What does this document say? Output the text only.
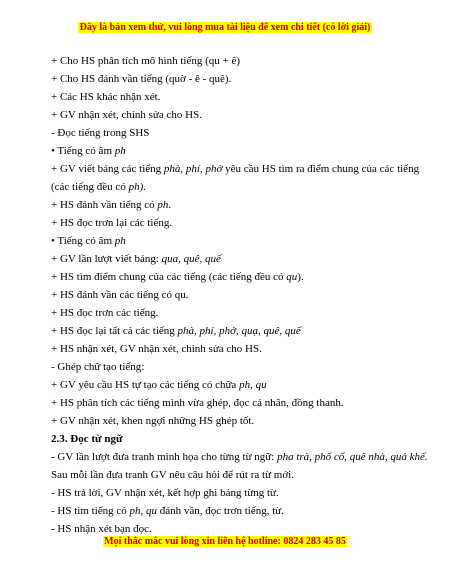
Đây là bản xem thử, vui lòng mua tài liệu để xem chi tiết (có lời giải)
+ Cho HS phân tích mô hình tiếng (qu + ê)
+ Cho HS đánh vần tiếng (quờ - ê - quê).
+ Các HS khác nhận xét.
+ GV nhận xét, chỉnh sửa cho HS.
- Đọc tiếng trong SHS
• Tiếng có âm ph
+ GV viết bảng các tiếng phà, phí, phở yêu cầu HS tìm ra điểm chung của các tiếng
(các tiếng đều có ph).
+ HS đánh vần tiếng có ph.
+ HS đọc trơn lại các tiếng.
• Tiếng có âm ph
+ GV lần lượt viết bảng: qua, quê, quế
+ HS tìm điểm chung của các tiếng (các tiếng đều có qu).
+ HS đánh vần các tiếng có qu.
+ HS đọc trơn các tiếng.
+ HS đọc lại tất cả các tiếng phà, phí, phở, quạ, quê, quế
+ HS nhận xét, GV nhận xét, chỉnh sửa cho HS.
- Ghép chữ tạo tiếng:
+ GV yêu cầu HS tự tạo các tiếng có chữa ph, qu
+ HS phân tích các tiếng mình vừa ghép, đọc cá nhân, đồng thanh.
+ GV nhận xét, khen ngợi những HS ghép tốt.
2.3. Đọc từ ngữ
- GV lần lượt đưa tranh minh họa cho từng từ ngữ: pha trà, phố cổ, quê nhà, quả khế.
Sau mỗi lần đưa tranh GV nêu câu hỏi để rút ra từ mới.
- HS trả lời, GV nhận xét, kết hợp ghi bảng từng từ.
- HS tìm tiếng có ph, qu đánh vần, đọc trơn tiếng, từ.
- HS nhận xét bạn đọc.
Mọi thắc mắc vui lòng xin liên hệ hotline: 0824 283 45 85
